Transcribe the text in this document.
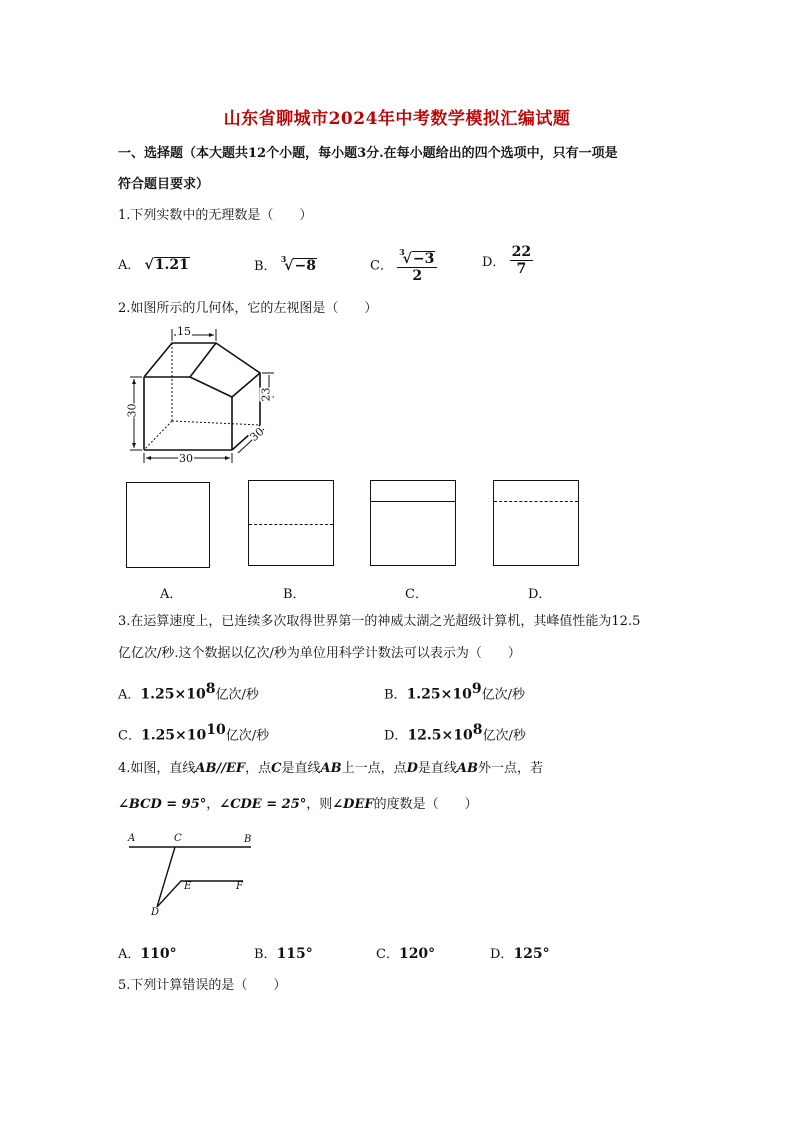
山东省聊城市2024年中考数学模拟汇编试题
一、选择题（本大题共12个小题，每小题3分.在每小题给出的四个选项中，只有一项是
符合题目要求）
1.下列实数中的无理数是（　　）
A． √1.21	B． $^3$√−8	C． $\frac{^3√-3}{2}$	D． $\frac{22}{7}$
2.如图所示的几何体，它的左视图是（　　）
15
30
23
30
30
A．	B．	C．	D．
3.在运算速度上，已连续多次取得世界第一的神威太湖之光超级计算机，其峰值性能为12.5
亿亿次/秒.这个数据以亿次/秒为单位用科学计数法可以表示为（　　）
A．$1.25\times 10^8$亿次/秒	B．$1.25\times 10^9$亿次/秒
C．$1.25\times 10^{10}$亿次/秒	D．$12.5\times 10^8$亿次/秒
4.如图，直线AB//EF，点C是直线AB上一点，点D是直线AB外一点，若
∠BCD = 95°，∠CDE = 25°，则∠DEF的度数是（　　）
A	C	B
E	F
D
A．110°	B．115°	C．120°	D．125°
5.下列计算错误的是（　　）
